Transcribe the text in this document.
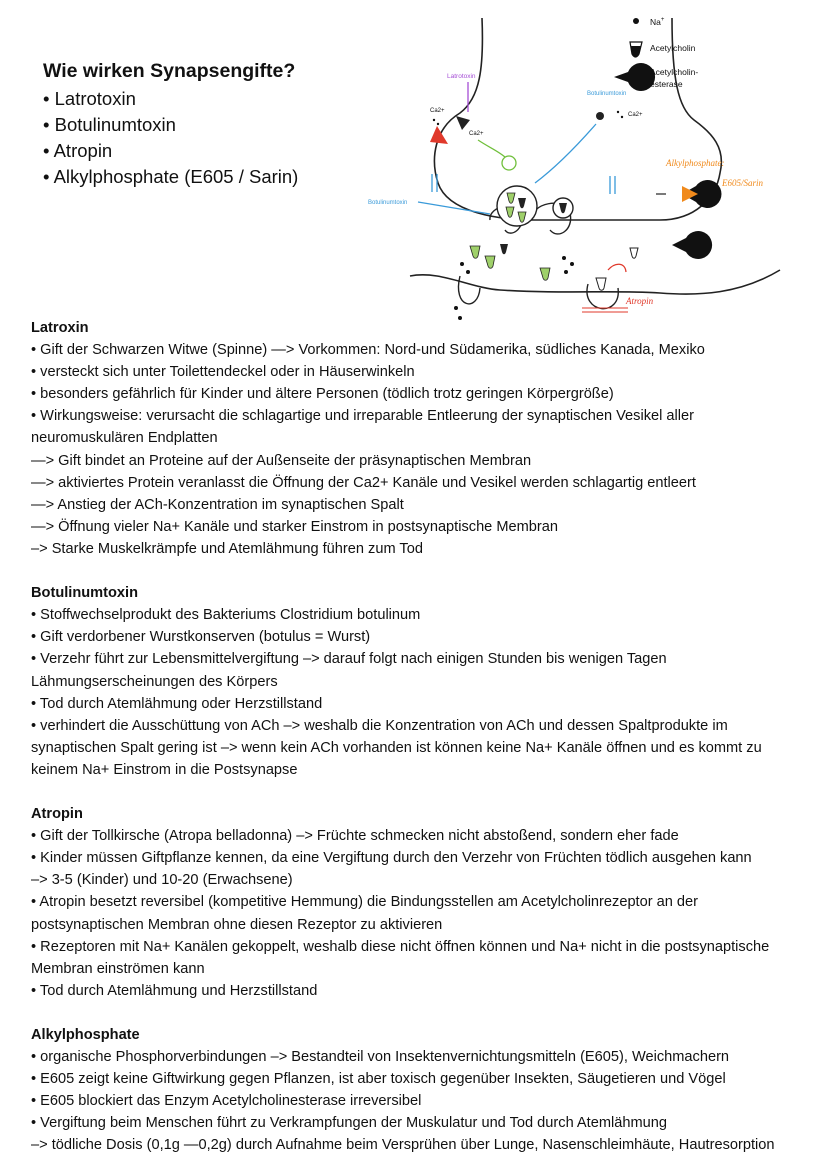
Wie wirken Synapsengifte?
• Latrotoxin
• Botulinumtoxin
• Atropin
• Alkylphosphate (E605 / Sarin)
Na+
Acetylcholin
Acetylcholin-
esterase
Latrotoxin
Ca2+
Ca2+
Botulinumtoxin
Ca2+
Botulinumtoxin
Alkylphosphate:
E605/Sarin
Atropin
Latroxin

• Gift der Schwarzen Witwe (Spinne) —> Vorkommen: Nord-und Südamerika, südliches Kanada, Mexiko

• versteckt sich unter Toilettendeckel oder in Häuserwinkeln

• besonders gefährlich für Kinder und ältere Personen (tödlich trotz geringen Körpergröße)

• Wirkungsweise: verursacht die schlagartige und irreparable Entleerung der synaptischen Vesikel aller

neuromuskulären Endplatten

—> Gift bindet an Proteine auf der Außenseite der präsynaptischen Membran

—> aktiviertes Protein veranlasst die Öffnung der Ca2+ Kanäle und Vesikel werden schlagartig entleert

—> Anstieg der ACh-Konzentration im synaptischen Spalt

—> Öffnung vieler Na+ Kanäle und starker Einstrom in postsynaptische Membran

–> Starke Muskelkrämpfe und Atemlähmung führen zum Tod

Botulinumtoxin

• Stoffwechselprodukt des Bakteriums Clostridium botulinum

• Gift verdorbener Wurstkonserven (botulus = Wurst)

• Verzehr führt zur Lebensmittelvergiftung –> darauf folgt nach einigen Stunden bis wenigen Tagen

Lähmungserscheinungen des Körpers

• Tod durch Atemlähmung oder Herzstillstand

• verhindert die Ausschüttung von ACh –> weshalb die Konzentration von ACh und dessen Spaltprodukte im

synaptischen Spalt gering ist –> wenn kein ACh vorhanden ist können keine Na+ Kanäle öffnen und es kommt zu

keinem Na+ Einstrom in die Postsynapse

Atropin

• Gift der Tollkirsche (Atropa belladonna) –> Früchte schmecken nicht abstoßend, sondern eher fade

• Kinder müssen Giftpflanze kennen, da eine Vergiftung durch den Verzehr von Früchten tödlich ausgehen kann

–> 3-5 (Kinder) und 10-20 (Erwachsene)

• Atropin besetzt reversibel (kompetitive Hemmung) die Bindungsstellen am Acetylcholinrezeptor an der

postsynaptischen Membran ohne diesen Rezeptor zu aktivieren

• Rezeptoren mit Na+ Kanälen gekoppelt, weshalb diese nicht öffnen können und Na+ nicht in die postsynaptische

Membran einströmen kann

• Tod durch Atemlähmung und Herzstillstand

Alkylphosphate

• organische Phosphorverbindungen –> Bestandteil von Insektenvernichtungsmitteln (E605), Weichmachern

• E605 zeigt keine Giftwirkung gegen Pflanzen, ist aber toxisch gegenüber Insekten, Säugetieren und Vögel

• E605 blockiert das Enzym Acetylcholinesterase irreversibel

• Vergiftung beim Menschen führt zu Verkrampfungen der Muskulatur und Tod durch Atemlähmung

–> tödliche Dosis (0,1g —0,2g) durch Aufnahme beim Versprühen über Lunge, Nasenschleimhäute, Hautresorption
